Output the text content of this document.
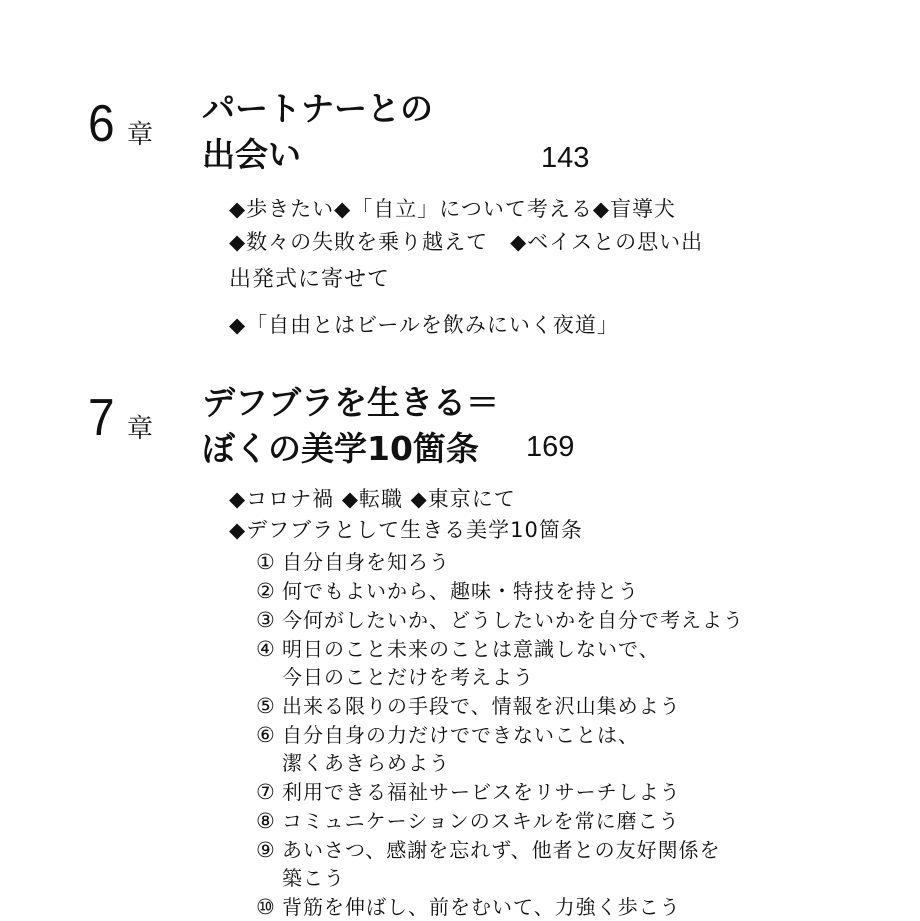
6 章
パートナーとの
出会い	143
◆歩きたい◆「自立」について考える◆盲導犬
◆数々の失敗を乗り越えて　◆ベイスとの思い出
出発式に寄せて
◆「自由とはビールを飲みにいく夜道」
7 章
デフブラを生きる＝
ぼくの美学10箇条 169
◆コロナ禍 ◆転職 ◆東京にて
◆デフブラとして生きる美学10箇条
① 自分自身を知ろう
② 何でもよいから、趣味・特技を持とう
③ 今何がしたいか、どうしたいかを自分で考えよう
④ 明日のこと未来のことは意識しないで、
今日のことだけを考えよう
⑤ 出来る限りの手段で、情報を沢山集めよう
⑥ 自分自身の力だけでできないことは、
潔くあきらめよう
⑦ 利用できる福祉サービスをリサーチしよう
⑧ コミュニケーションのスキルを常に磨こう
⑨ あいさつ、感謝を忘れず、他者との友好関係を
築こう
⑩ 背筋を伸ばし、前をむいて、力強く歩こう
